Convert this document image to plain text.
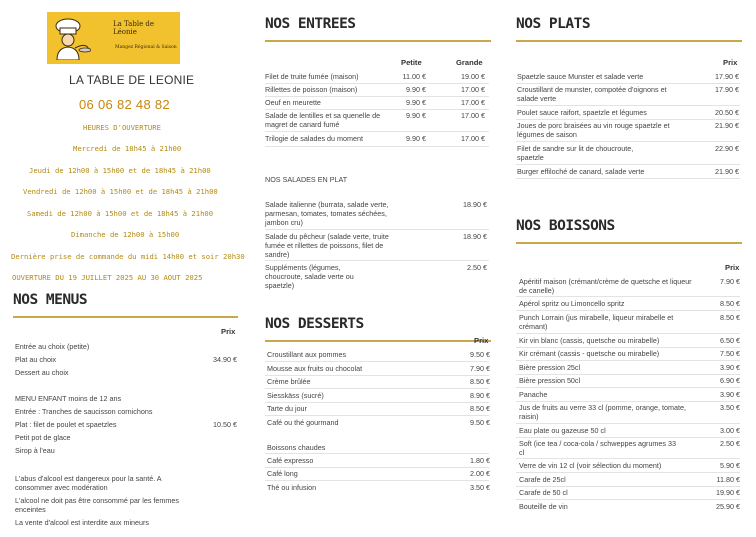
La Table de Léonie
Mangez Régional & Saison
LA TABLE DE LEONIE
06 06 82 48 82
HEURES D'OUVERTURE
Mercredi de 18h45 à 21h00
Jeudi de 12h00 à 15h00 et de 18h45 à 21h00
Vendredi de 12h00 à 15h00 et de 18h45 à 21h00
Samedi de 12h00 à 15h00 et de 18h45 à 21h00
Dimanche de 12h00 à 15h00
Dernière prise de commande du midi 14h00 et soir 20h30
OUVERTURE DU 19 JUILLET 2025 AU 30 AOUT 2025
NOS MENUS
Prix
Entrée au choix (petite)
Plat au choix	34.90 €
Dessert au choix
MENU ENFANT moins de 12 ans
Entrée : Tranches de saucisson cornichons
Plat : filet de poulet et spaetzles	10.50 €
Petit pot de glace
Sirop à l'eau
L'abus d'alcool est dangereux pour la santé. A consommer avec modération
L'alcool ne doit pas être consommé par les femmes enceintes
La vente d'alcool est interdite aux mineurs
NOS ENTREES
Petite	Grande
Filet de truite fumée (maison)	11.00 €	19.00 €
Rillettes de poisson (maison)	9.90 €	17.00 €
Oeuf en meurette	9.90 €	17.00 €
Salade de lentilles et sa quenelle de magret de canard fumé
9.90 €	17.00 €
Trilogie de salades du moment	9.90 €	17.00 €
NOS SALADES EN PLAT
Salade italienne (burrata, salade verte, parmesan, tomates, tomates séchées, jambon cru)
18.90 €
Salade du pêcheur (salade verte, truite fumée et rillettes de poissons, filet de sandre)
18.90 €
Suppléments (légumes, choucroute, salade verte ou spaetzle)
2.50 €
NOS DESSERTS
Prix
Croustillant aux pommes	9.50 €
Mousse aux fruits ou chocolat	7.90 €
Crème brûlée	8.50 €
Siesskäss (sucré)	8.90 €
Tarte du jour	8.50 €
Café ou thé gourmand	9.50 €
Boissons chaudes
Café expresso	1.80 €
Café long	2.00 €
Thé ou infusion	3.50 €
NOS PLATS
Prix
Spaetzle sauce Munster et salade verte	17.90 €
Croustillant de munster, compotée d'oignons et salade verte
17.90 €
Poulet sauce raifort, spaetzle et légumes	20.50 €
Joues de porc braisées au vin rouge spaetzle et légumes de saison
21.90 €
Filet de sandre sur lit de choucroute, spaetzle
22.90 €
Burger effiloché de canard, salade verte	21.90 €
NOS BOISSONS
Prix
Apéritif maison (crémant/crème de quetsche et liqueur de canelle)
7.90 €
Apérol spritz ou Limoncello spritz	8.50 €
Punch Lorrain (jus mirabelle, liqueur mirabelle et crémant)
8.50 €
Kir vin blanc (cassis, quetsche ou mirabelle)	6.50 €
Kir crémant (cassis - quetsche ou mirabelle)	7.50 €
Bière pression 25cl	3.90 €
Bière pression 50cl	6.90 €
Panache	3.90 €
Jus de fruits au verre 33 cl (pomme, orange, tomate, raisin)
3.50 €
Eau plate ou gazeuse 50 cl	3.00 €
Soft (ice tea / coca-cola / schweppes agrumes 33 cl
2.50 €
Verre de vin 12 cl (voir sélection du moment)	5.90 €
Carafe de 25cl	11.80 €
Carafe de 50 cl	19.90 €
Bouteille de vin	25.90 €
